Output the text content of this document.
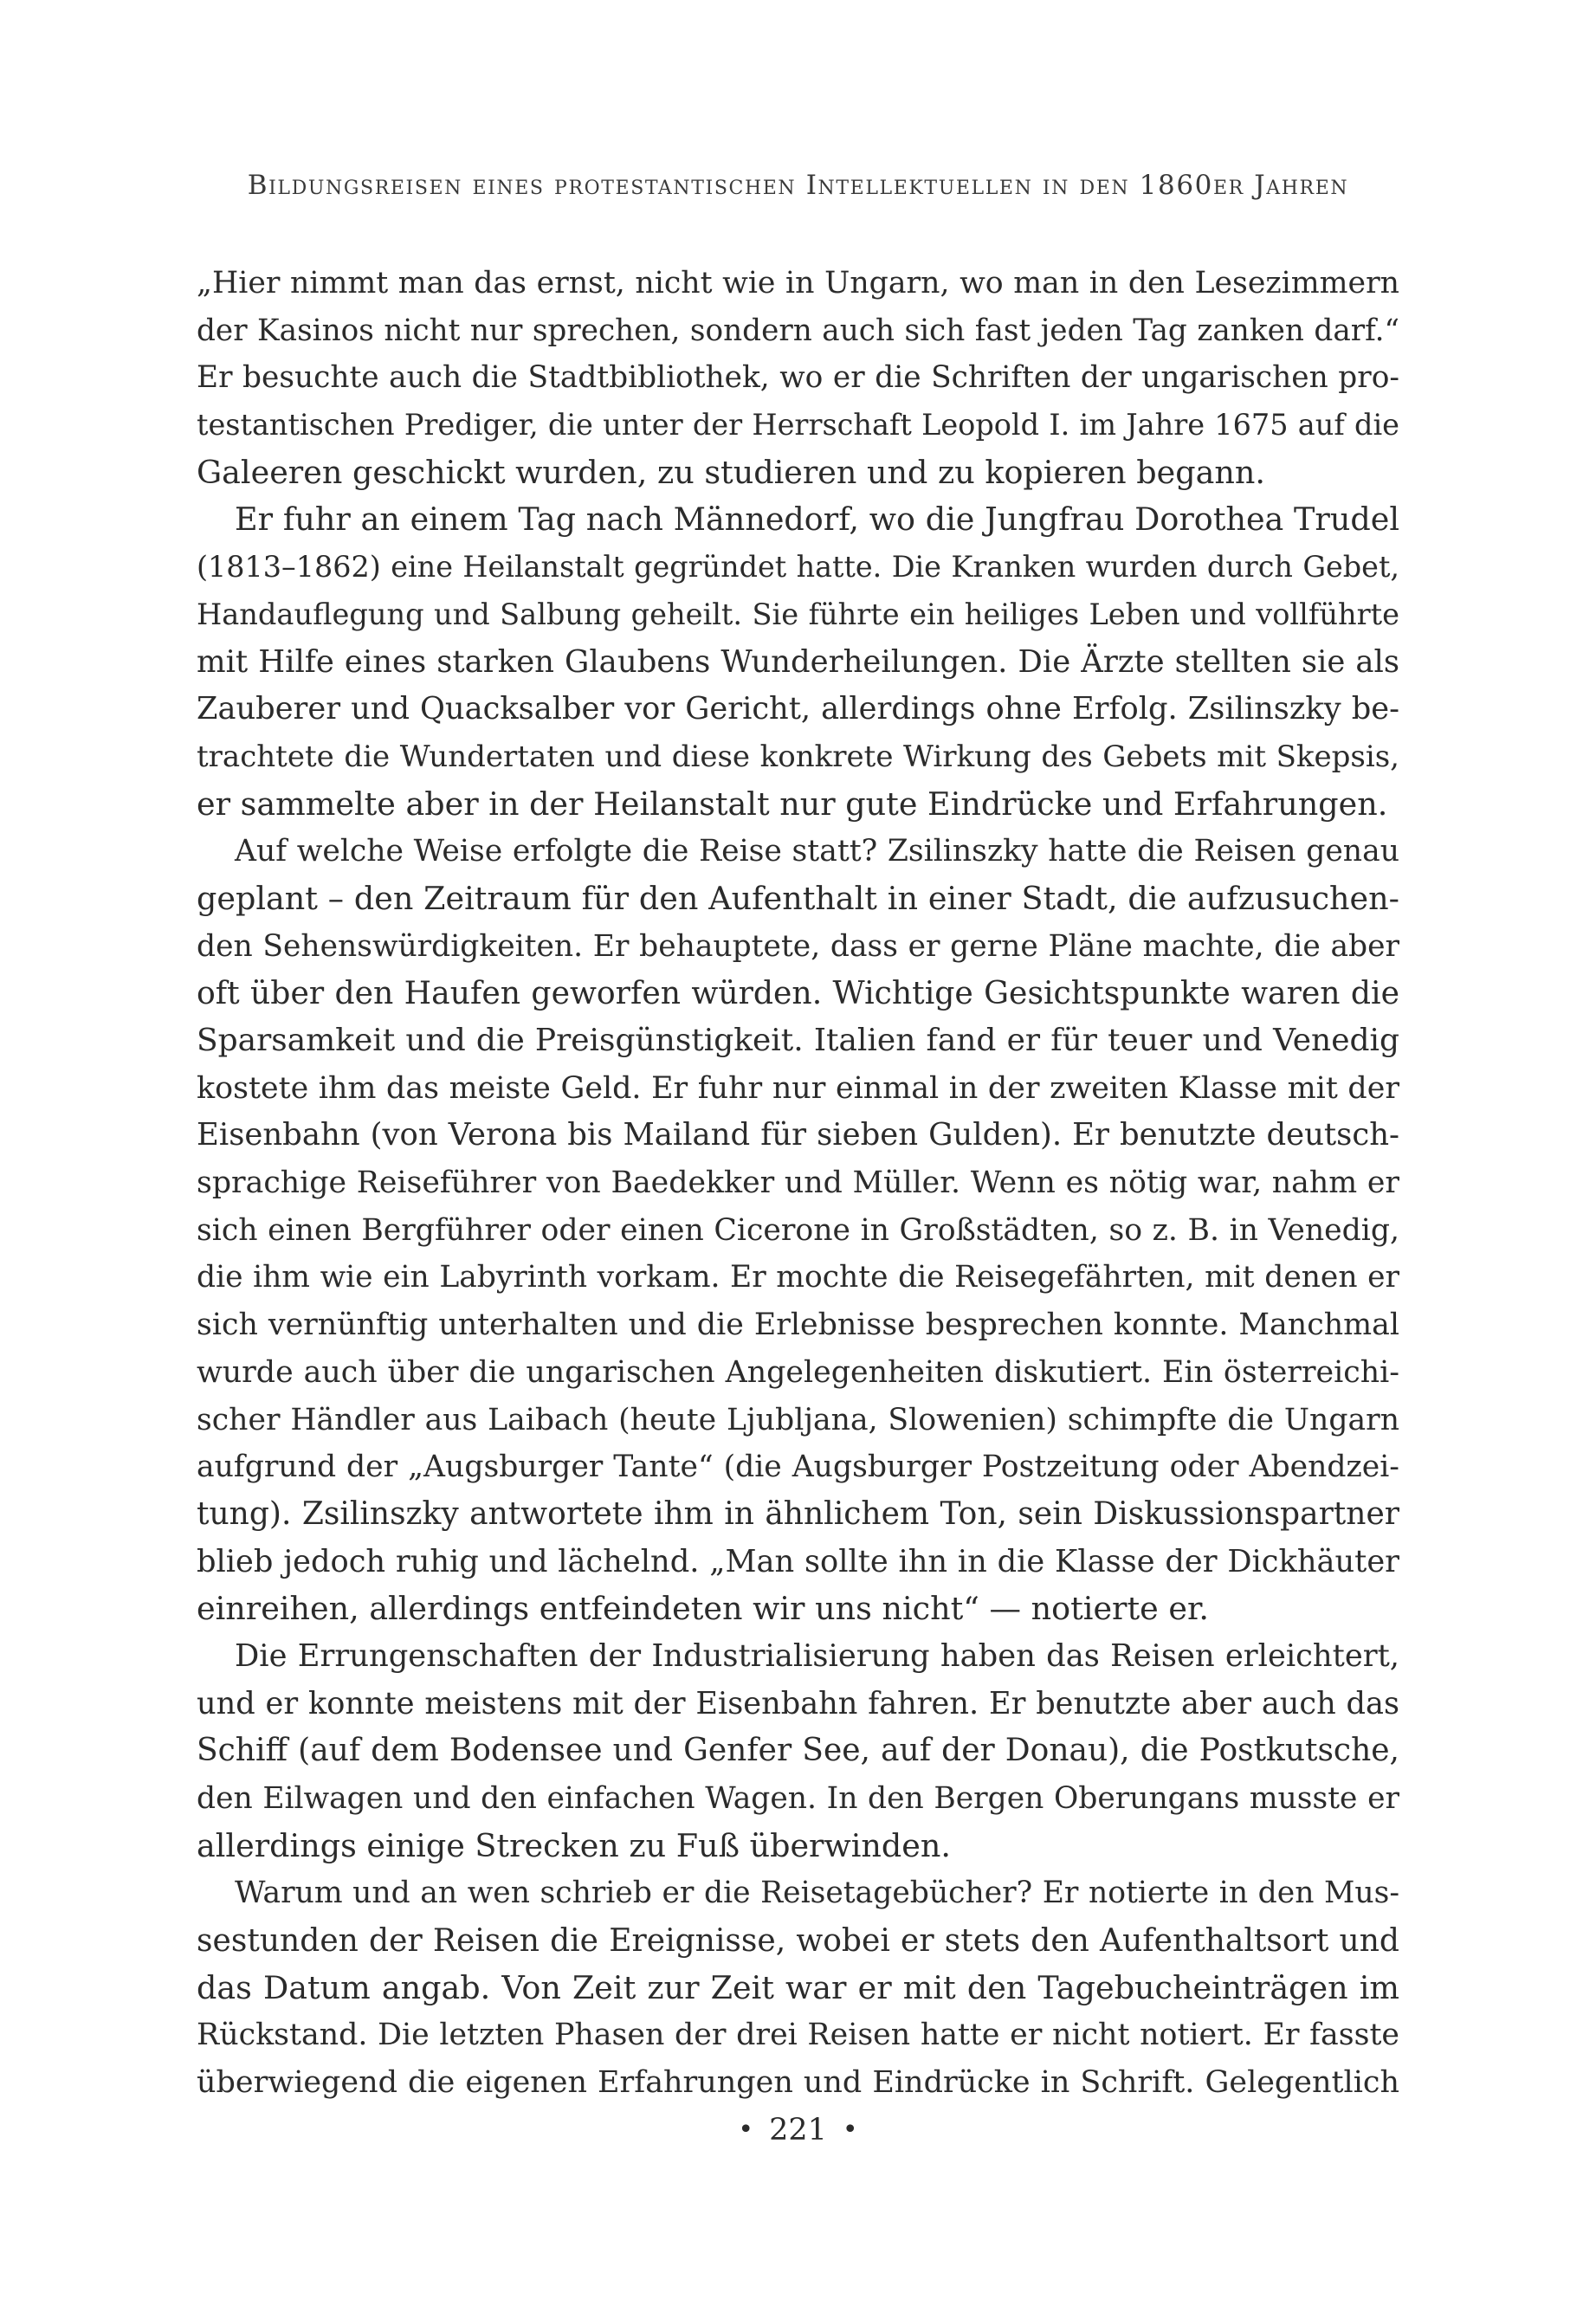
Bildungsreisen eines protestantischen Intellektuellen in den 1860er Jahren
„Hier nimmt man das ernst, nicht wie in Ungarn, wo man in den Lesezimmern
der Kasinos nicht nur sprechen, sondern auch sich fast jeden Tag zanken darf.“
Er besuchte auch die Stadtbibliothek, wo er die Schriften der ungarischen pro-
testantischen Prediger, die unter der Herrschaft Leopold I. im Jahre 1675 auf die
Galeeren geschickt wurden, zu studieren und zu kopieren begann.
Er fuhr an einem Tag nach Männedorf, wo die Jungfrau Dorothea Trudel
(1813–1862) eine Heilanstalt gegründet hatte. Die Kranken wurden durch Gebet,
Handauflegung und Salbung geheilt. Sie führte ein heiliges Leben und vollführte
mit Hilfe eines starken Glaubens Wunderheilungen. Die Ärzte stellten sie als
Zauberer und Quacksalber vor Gericht, allerdings ohne Erfolg. Zsilinszky be-
trachtete die Wundertaten und diese konkrete Wirkung des Gebets mit Skepsis,
er sammelte aber in der Heilanstalt nur gute Eindrücke und Erfahrungen.
Auf welche Weise erfolgte die Reise statt? Zsilinszky hatte die Reisen genau
geplant – den Zeitraum für den Aufenthalt in einer Stadt, die aufzusuchen-
den Sehenswürdigkeiten. Er behauptete, dass er gerne Pläne machte, die aber
oft über den Haufen geworfen würden. Wichtige Gesichtspunkte waren die
Sparsamkeit und die Preisgünstigkeit. Italien fand er für teuer und Venedig
kostete ihm das meiste Geld. Er fuhr nur einmal in der zweiten Klasse mit der
Eisenbahn (von Verona bis Mailand für sieben Gulden). Er benutzte deutsch-
sprachige Reiseführer von Baedekker und Müller. Wenn es nötig war, nahm er
sich einen Bergführer oder einen Cicerone in Großstädten, so z. B. in Venedig,
die ihm wie ein Labyrinth vorkam. Er mochte die Reisegefährten, mit denen er
sich vernünftig unterhalten und die Erlebnisse besprechen konnte. Manchmal
wurde auch über die ungarischen Angelegenheiten diskutiert. Ein österreichi-
scher Händler aus Laibach (heute Ljubljana, Slowenien) schimpfte die Ungarn
aufgrund der „Augsburger Tante“ (die Augsburger Postzeitung oder Abendzei-
tung). Zsilinszky antwortete ihm in ähnlichem Ton, sein Diskussionspartner
blieb jedoch ruhig und lächelnd. „Man sollte ihn in die Klasse der Dickhäuter
einreihen, allerdings entfeindeten wir uns nicht“ — notierte er.
Die Errungenschaften der Industrialisierung haben das Reisen erleichtert,
und er konnte meistens mit der Eisenbahn fahren. Er benutzte aber auch das
Schiff (auf dem Bodensee und Genfer See, auf der Donau), die Postkutsche,
den Eilwagen und den einfachen Wagen. In den Bergen Oberungans musste er
allerdings einige Strecken zu Fuß überwinden.
Warum und an wen schrieb er die Reisetagebücher? Er notierte in den Mus-
sestunden der Reisen die Ereignisse, wobei er stets den Aufenthaltsort und
das Datum angab. Von Zeit zur Zeit war er mit den Tagebucheinträgen im
Rückstand. Die letzten Phasen der drei Reisen hatte er nicht notiert. Er fasste
überwiegend die eigenen Erfahrungen und Eindrücke in Schrift. Gelegentlich
• 221 •
